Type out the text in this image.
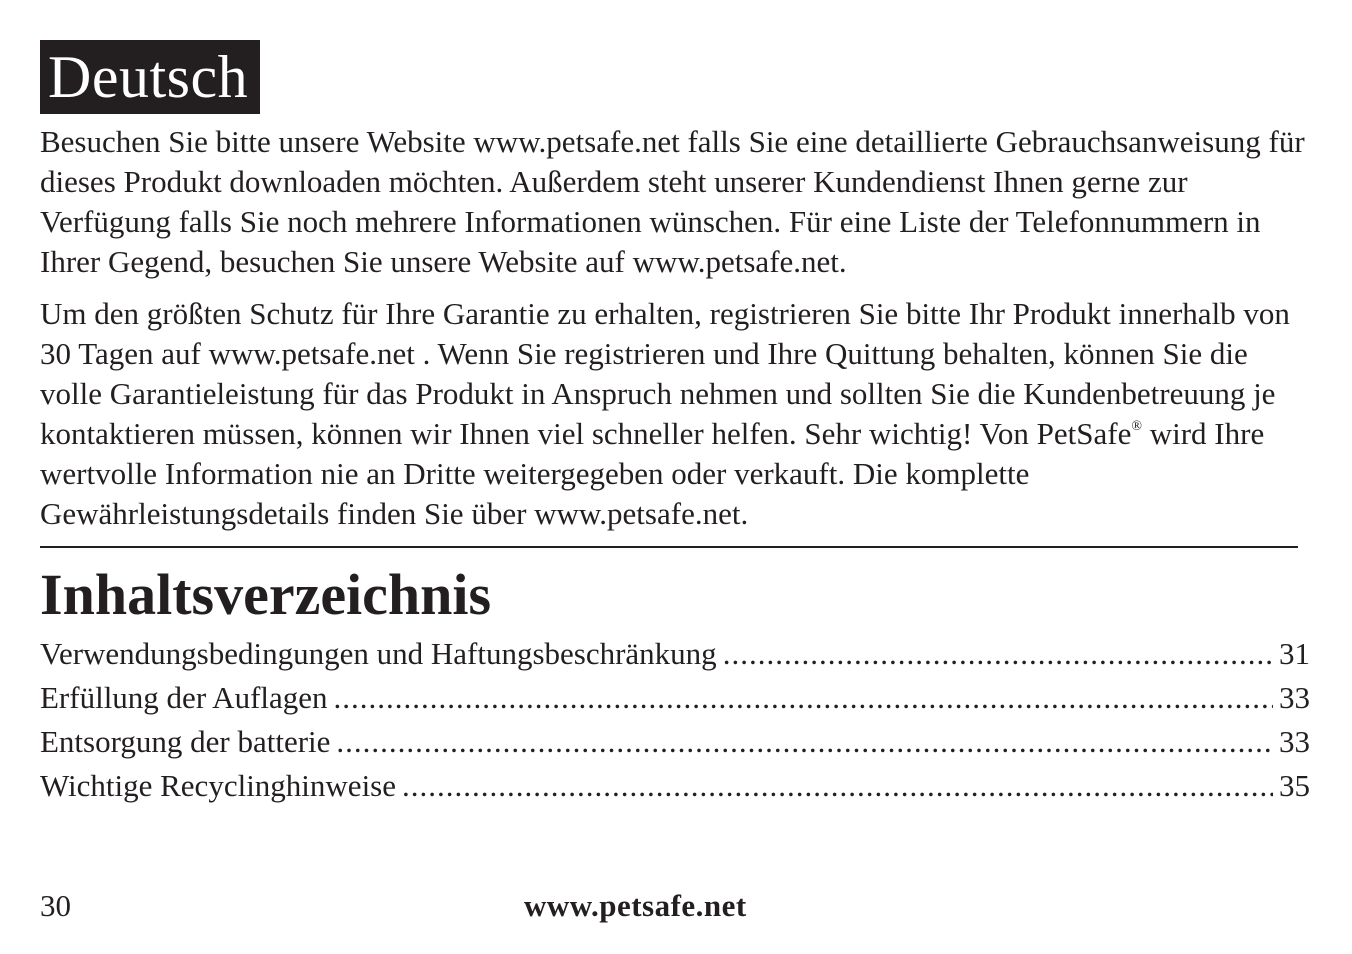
Deutsch

Besuchen Sie bitte unsere Website www.petsafe.net falls Sie eine detaillierte Gebrauchsanweisung für dieses Produkt downloaden möchten. Außerdem steht unserer Kundendienst Ihnen gerne zur Verfügung falls Sie noch mehrere Informationen wünschen. Für eine Liste der Telefonnummern in Ihrer Gegend, besuchen Sie unsere Website auf www.petsafe.net.

Um den größten Schutz für Ihre Garantie zu erhalten, registrieren Sie bitte Ihr Produkt innerhalb von 30 Tagen auf www.petsafe.net . Wenn Sie registrieren und Ihre Quittung behalten, können Sie die volle Garantieleistung für das Produkt in Anspruch nehmen und sollten Sie die Kundenbetreuung je kontaktieren müssen, können wir Ihnen viel schneller helfen. Sehr wichtig! Von PetSafe® wird Ihre wertvolle Information nie an Dritte weitergegeben oder verkauft. Die komplette Gewährleistungsdetails finden Sie über www.petsafe.net.

Inhaltsverzeichnis
Verwendungsbedingungen und Haftungsbeschränkung .....	31
Erfüllung der Auflagen .....	33
Entsorgung der batterie .....	33
Wichtige Recyclinghinweise .....	35
30	www.petsafe.net
